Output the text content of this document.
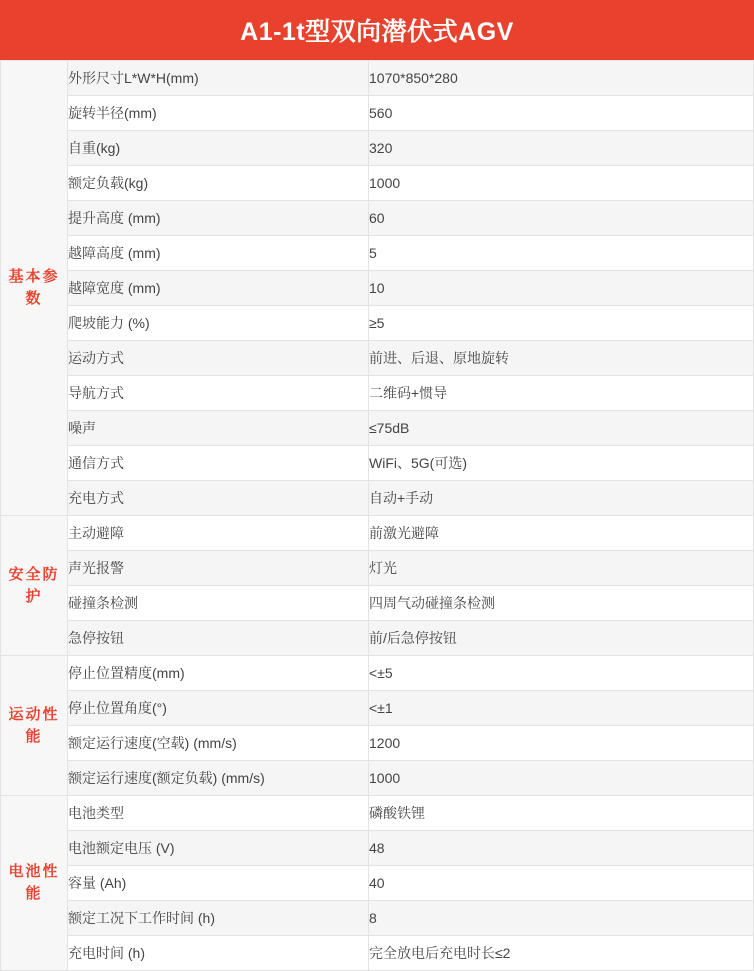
A1-1t型双向潜伏式AGV
基本参数	外形尺寸L*W*H(mm)	1070*850*280
	旋转半径(mm)	560
	自重(kg)	320
	额定负载(kg)	1000
	提升高度 (mm)	60
	越障高度 (mm)	5
	越障宽度 (mm)	10
	爬坡能力 (%)	≥5
	运动方式	前进、后退、原地旋转
	导航方式	二维码+惯导
	噪声	≤75dB
	通信方式	WiFi、5G(可选)
	充电方式	自动+手动

安全防护	主动避障	前激光避障
	声光报警	灯光
	碰撞条检测	四周气动碰撞条检测
	急停按钮	前/后急停按钮

运动性能	停止位置精度(mm)	<±5
	停止位置角度(°)	<±1
	额定运行速度(空载) (mm/s)	1200
	额定运行速度(额定负载) (mm/s)	1000

电池性能	电池类型	磷酸铁锂
	电池额定电压 (V)	48
	容量 (Ah)	40
	额定工况下工作时间 (h)	8
	充电时间 (h)	完全放电后充电时长≤2
